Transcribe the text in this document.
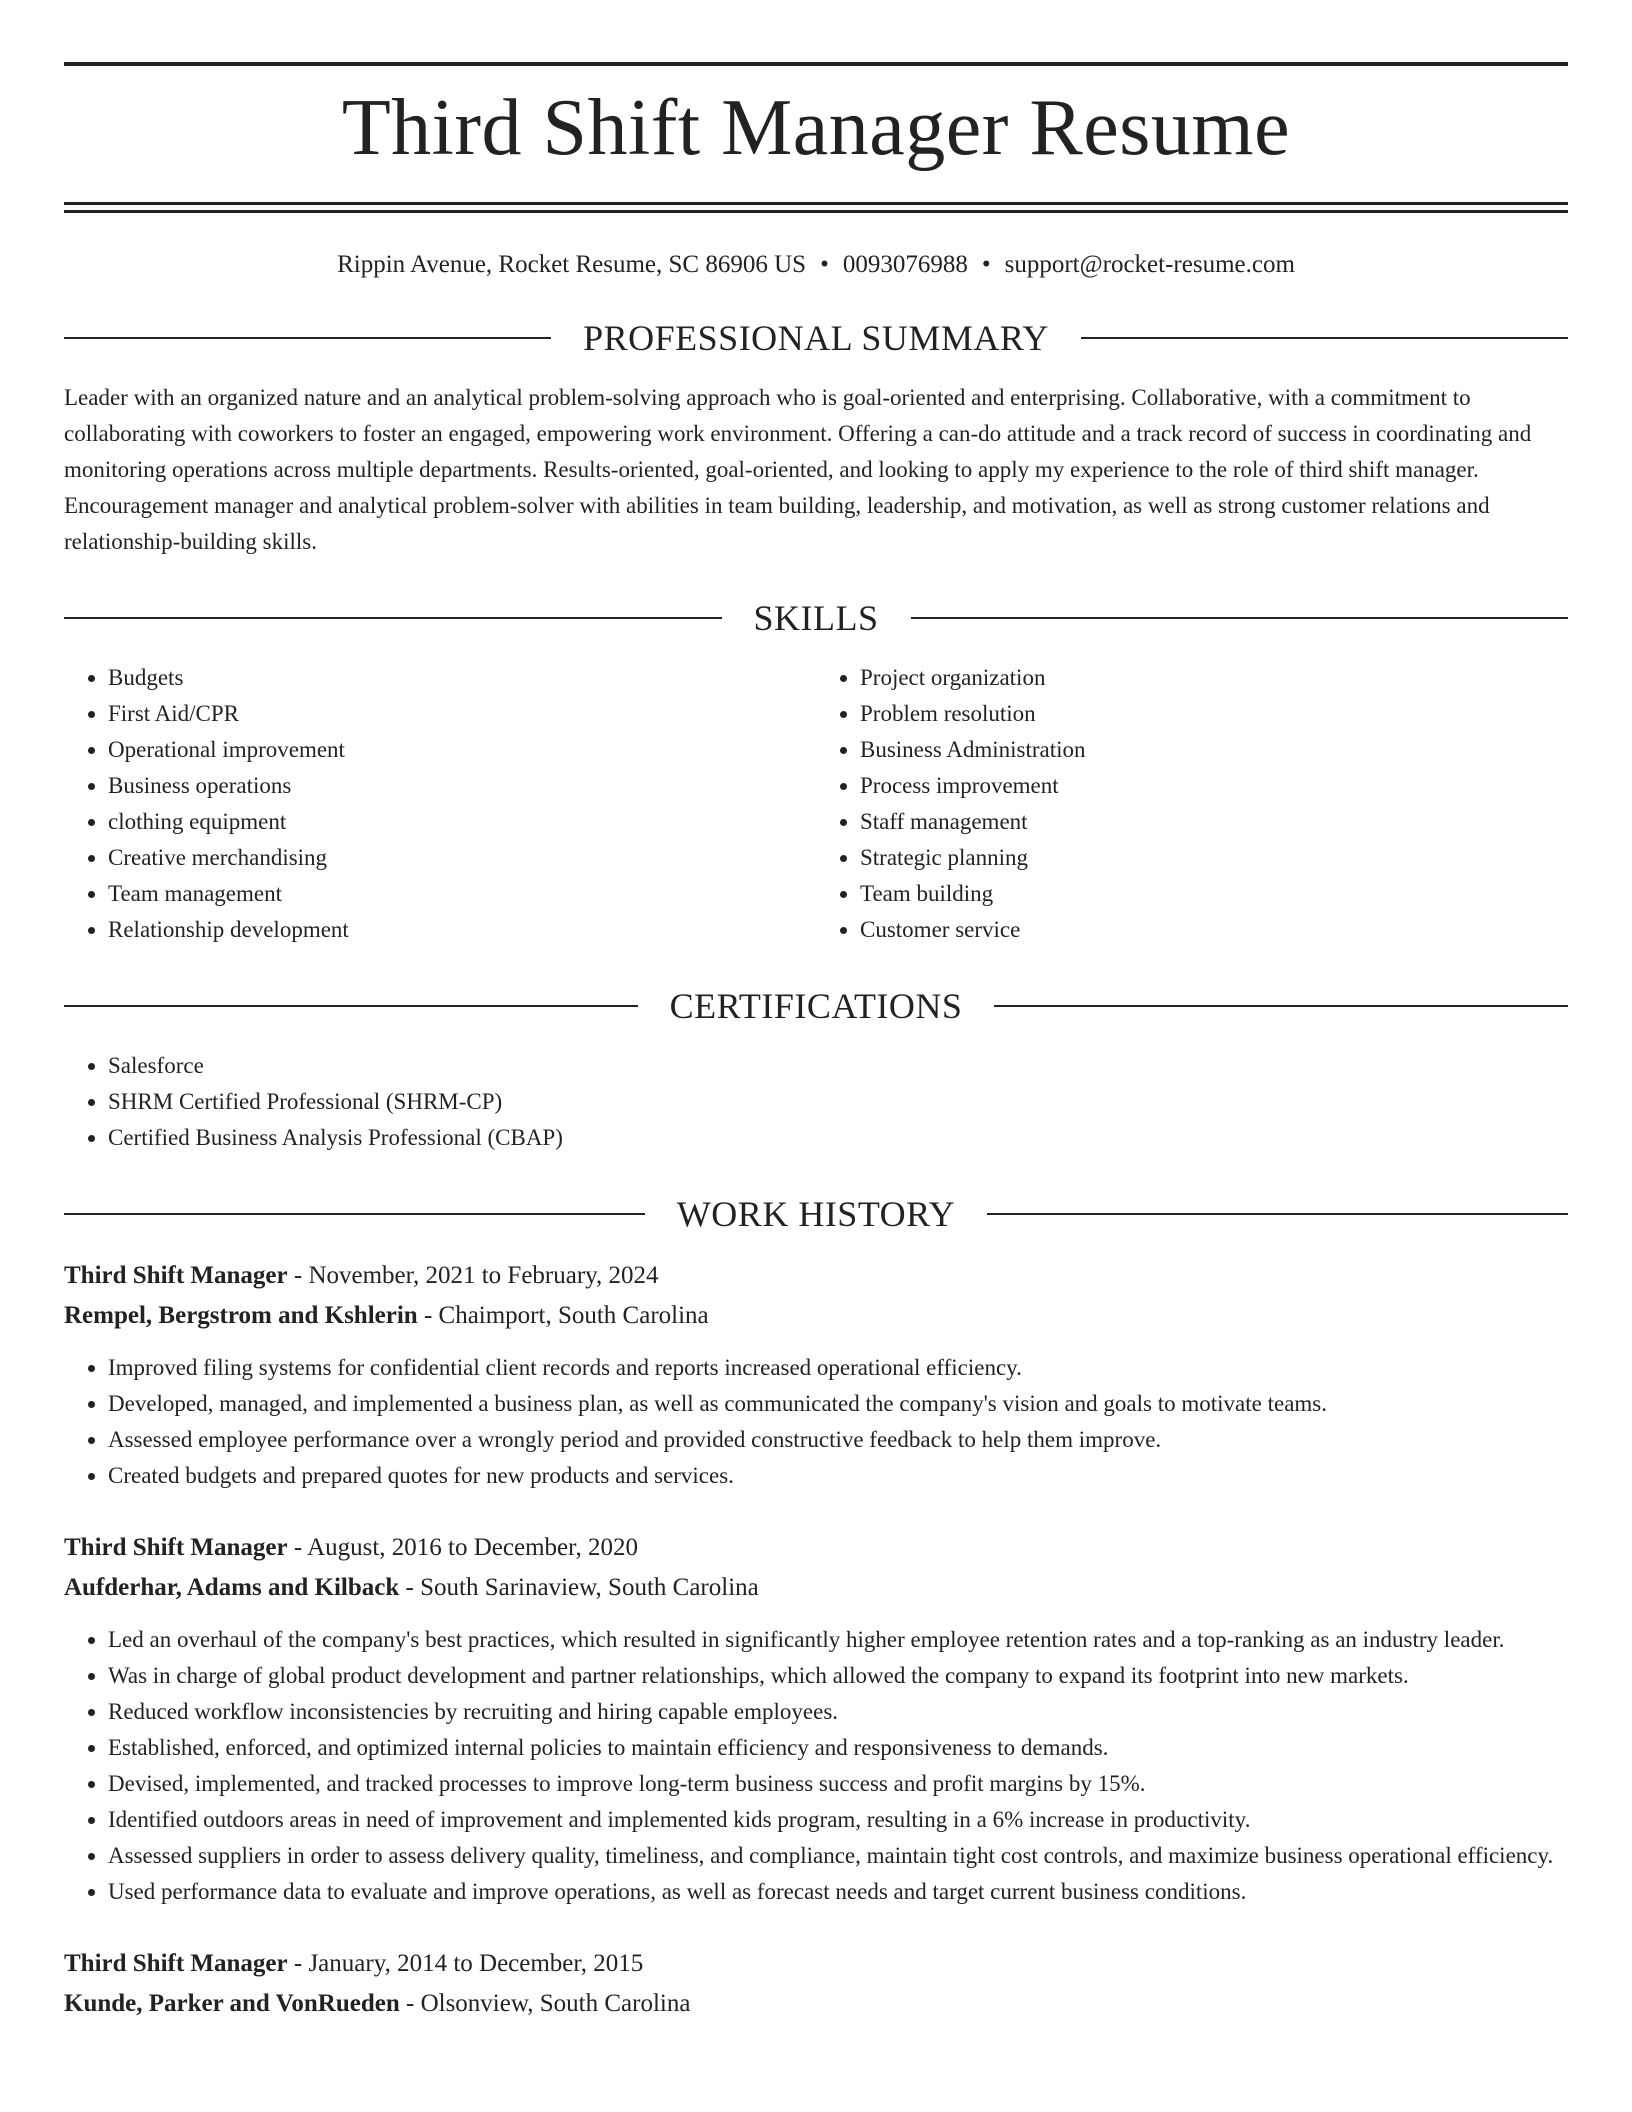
Third Shift Manager Resume
Rippin Avenue, Rocket Resume, SC 86906 US • 0093076988 • support@rocket-resume.com
PROFESSIONAL SUMMARY

Leader with an organized nature and an analytical problem-solving approach who is goal-oriented and enterprising. Collaborative, with a commitment to collaborating with coworkers to foster an engaged, empowering work environment. Offering a can-do attitude and a track record of success in coordinating and monitoring operations across multiple departments. Results-oriented, goal-oriented, and looking to apply my experience to the role of third shift manager. Encouragement manager and analytical problem-solver with abilities in team building, leadership, and motivation, as well as strong customer relations and relationship-building skills.

SKILLS
• Budgets
• First Aid/CPR
• Operational improvement
• Business operations
• clothing equipment
• Creative merchandising
• Team management
• Relationship development
• Project organization
• Problem resolution
• Business Administration
• Process improvement
• Staff management
• Strategic planning
• Team building
• Customer service
CERTIFICATIONS
• Salesforce
• SHRM Certified Professional (SHRM-CP)
• Certified Business Analysis Professional (CBAP)
WORK HISTORY
Third Shift Manager - November, 2021 to February, 2024
Rempel, Bergstrom and Kshlerin - Chaimport, South Carolina
• Improved filing systems for confidential client records and reports increased operational efficiency.
• Developed, managed, and implemented a business plan, as well as communicated the company's vision and goals to motivate teams.
• Assessed employee performance over a wrongly period and provided constructive feedback to help them improve.
• Created budgets and prepared quotes for new products and services.
Third Shift Manager - August, 2016 to December, 2020
Aufderhar, Adams and Kilback - South Sarinaview, South Carolina
• Led an overhaul of the company's best practices, which resulted in significantly higher employee retention rates and a top-ranking as an industry leader.
• Was in charge of global product development and partner relationships, which allowed the company to expand its footprint into new markets.
• Reduced workflow inconsistencies by recruiting and hiring capable employees.
• Established, enforced, and optimized internal policies to maintain efficiency and responsiveness to demands.
• Devised, implemented, and tracked processes to improve long-term business success and profit margins by 15%.
• Identified outdoors areas in need of improvement and implemented kids program, resulting in a 6% increase in productivity.
• Assessed suppliers in order to assess delivery quality, timeliness, and compliance, maintain tight cost controls, and maximize business operational efficiency.
• Used performance data to evaluate and improve operations, as well as forecast needs and target current business conditions.
Third Shift Manager - January, 2014 to December, 2015
Kunde, Parker and VonRueden - Olsonview, South Carolina
